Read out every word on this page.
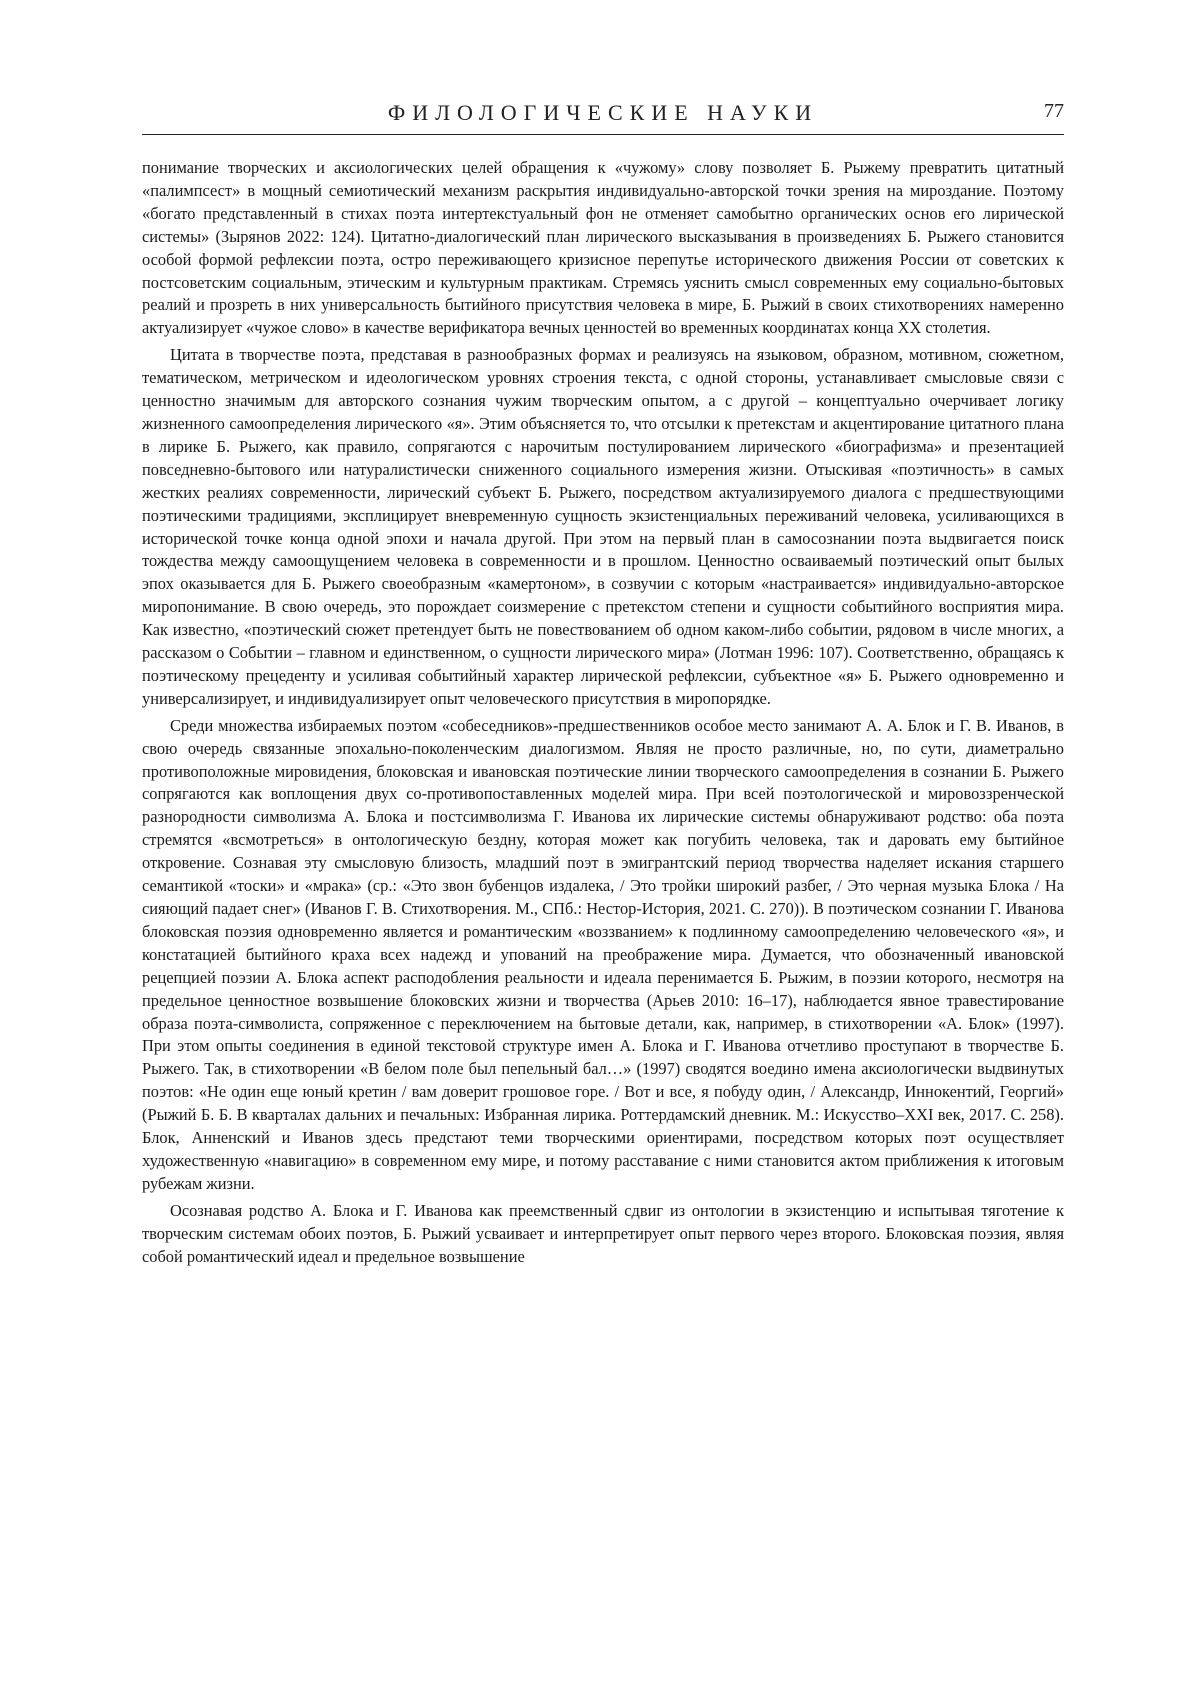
ФИЛОЛОГИЧЕСКИЕ НАУКИ	77

понимание творческих и аксиологических целей обращения к «чужому» слову позволяет Б. Рыжему превратить цитатный «палимпсест» в мощный семиотический механизм раскрытия индивидуально-авторской точки зрения на мироздание. Поэтому «богато представленный в стихах поэта интертекстуальный фон не отменяет самобытно органических основ его лирической системы» (Зырянов 2022: 124). Цитатно-диалогический план лирического высказывания в произведениях Б. Рыжего становится особой формой рефлексии поэта, остро переживающего кризисное перепутье исторического движения России от советских к постсоветским социальным, этическим и культурным практикам. Стремясь уяснить смысл современных ему социально-бытовых реалий и прозреть в них универсальность бытийного присутствия человека в мире, Б. Рыжий в своих стихотворениях намеренно актуализирует «чужое слово» в качестве верификатора вечных ценностей во временных координатах конца ХХ столетия.

Цитата в творчестве поэта, представая в разнообразных формах и реализуясь на языковом, образном, мотивном, сюжетном, тематическом, метрическом и идеологическом уровнях строения текста, с одной стороны, устанавливает смысловые связи с ценностно значимым для авторского сознания чужим творческим опытом, а с другой – концептуально очерчивает логику жизненного самоопределения лирического «я». Этим объясняется то, что отсылки к претекстам и акцентирование цитатного плана в лирике Б. Рыжего, как правило, сопрягаются с нарочитым постулированием лирического «биографизма» и презентацией повседневно-бытового или натуралистически сниженного социального измерения жизни. Отыскивая «поэтичность» в самых жестких реалиях современности, лирический субъект Б. Рыжего, посредством актуализируемого диалога с предшествующими поэтическими традициями, эксплицирует вневременную сущность экзистенциальных переживаний человека, усиливающихся в исторической точке конца одной эпохи и начала другой. При этом на первый план в самосознании поэта выдвигается поиск тождества между самоощущением человека в современности и в прошлом. Ценностно осваиваемый поэтический опыт былых эпох оказывается для Б. Рыжего своеобразным «камертоном», в созвучии с которым «настраивается» индивидуально-авторское миропонимание. В свою очередь, это порождает соизмерение с претекстом степени и сущности событийного восприятия мира. Как известно, «поэтический сюжет претендует быть не повествованием об одном каком-либо событии, рядовом в числе многих, а рассказом о Событии – главном и единственном, о сущности лирического мира» (Лотман 1996: 107). Соответственно, обращаясь к поэтическому прецеденту и усиливая событийный характер лирической рефлексии, субъектное «я» Б. Рыжего одновременно и универсализирует, и индивидуализирует опыт человеческого присутствия в миропорядке.

Среди множества избираемых поэтом «собеседников»-предшественников особое место занимают А. А. Блок и Г. В. Иванов, в свою очередь связанные эпохально-поколенческим диалогизмом. Являя не просто различные, но, по сути, диаметрально противоположные мировидения, блоковская и ивановская поэтические линии творческого самоопределения в сознании Б. Рыжего сопрягаются как воплощения двух со-противопоставленных моделей мира. При всей поэтологической и мировоззренческой разнородности символизма А. Блока и постсимволизма Г. Иванова их лирические системы обнаруживают родство: оба поэта стремятся «всмотреться» в онтологическую бездну, которая может как погубить человека, так и даровать ему бытийное откровение. Сознавая эту смысловую близость, младший поэт в эмигрантский период творчества наделяет искания старшего семантикой «тоски» и «мрака» (ср.: «Это звон бубенцов издалека, / Это тройки широкий разбег, / Это черная музыка Блока / На сияющий падает снег» (Иванов Г. В. Стихотворения. М., СПб.: Нестор-История, 2021. С. 270)). В поэтическом сознании Г. Иванова блоковская поэзия одновременно является и романтическим «воззванием» к подлинному самоопределению человеческого «я», и констатацией бытийного краха всех надежд и упований на преображение мира. Думается, что обозначенный ивановской рецепцией поэзии А. Блока аспект расподобления реальности и идеала перенимается Б. Рыжим, в поэзии которого, несмотря на предельное ценностное возвышение блоковских жизни и творчества (Арьев 2010: 16–17), наблюдается явное травестирование образа поэта-символиста, сопряженное с переключением на бытовые детали, как, например, в стихотворении «А. Блок» (1997). При этом опыты соединения в единой текстовой структуре имен А. Блока и Г. Иванова отчетливо проступают в творчестве Б. Рыжего. Так, в стихотворении «В белом поле был пепельный бал…» (1997) сводятся воедино имена аксиологически выдвинутых поэтов: «Не один еще юный кретин / вам доверит грошовое горе. / Вот и все, я побуду один, / Александр, Иннокентий, Георгий» (Рыжий Б. Б. В кварталах дальних и печальных: Избранная лирика. Роттердамский дневник. М.: Искусство–XXI век, 2017. С. 258). Блок, Анненский и Иванов здесь предстают теми творческими ориентирами, посредством которых поэт осуществляет художественную «навигацию» в современном ему мире, и потому расставание с ними становится актом приближения к итоговым рубежам жизни.

Осознавая родство А. Блока и Г. Иванова как преемственный сдвиг из онтологии в экзистенцию и испытывая тяготение к творческим системам обоих поэтов, Б. Рыжий усваивает и интерпретирует опыт первого через второго. Блоковская поэзия, являя собой романтический идеал и предельное возвышение
